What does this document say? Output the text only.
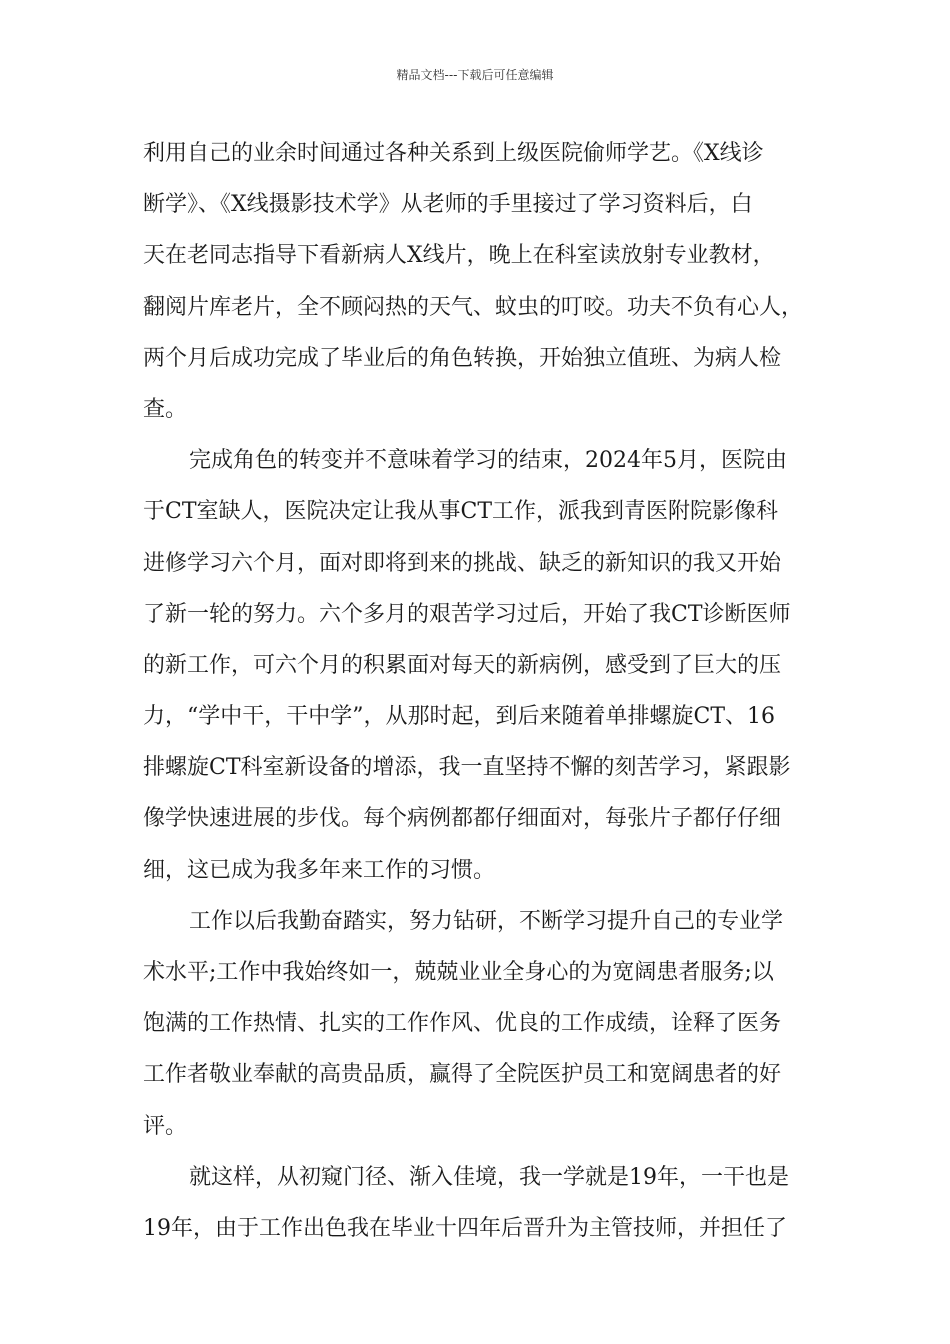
精品文档---下载后可任意编辑

利用自己的业余时间通过各种关系到上级医院偷师学艺。《X线诊
断学》、《X线摄影技术学》从老师的手里接过了学习资料后，白
天在老同志指导下看新病人X线片，晚上在科室读放射专业教材，
翻阅片库老片，全不顾闷热的天气、蚊虫的叮咬。功夫不负有心人，
两个月后成功完成了毕业后的角色转换，开始独立值班、为病人检
查。

完成角色的转变并不意味着学习的结束，2024年5月，医院由
于CT室缺人，医院决定让我从事CT工作，派我到青医附院影像科
进修学习六个月，面对即将到来的挑战、缺乏的新知识的我又开始
了新一轮的努力。六个多月的艰苦学习过后，开始了我CT诊断医师
的新工作，可六个月的积累面对每天的新病例，感受到了巨大的压
力，“学中干，干中学”，从那时起，到后来随着单排螺旋CT、16
排螺旋CT科室新设备的增添，我一直坚持不懈的刻苦学习，紧跟影
像学快速进展的步伐。每个病例都都仔细面对，每张片子都仔仔细
细，这已成为我多年来工作的习惯。

工作以后我勤奋踏实，努力钻研，不断学习提升自己的专业学
术水平;工作中我始终如一，兢兢业业全身心的为宽阔患者服务;以
饱满的工作热情、扎实的工作作风、优良的工作成绩，诠释了医务
工作者敬业奉献的高贵品质，赢得了全院医护员工和宽阔患者的好
评。

就这样，从初窥门径、渐入佳境，我一学就是19年，一干也是
19年，由于工作出色我在毕业十四年后晋升为主管技师，并担任了
